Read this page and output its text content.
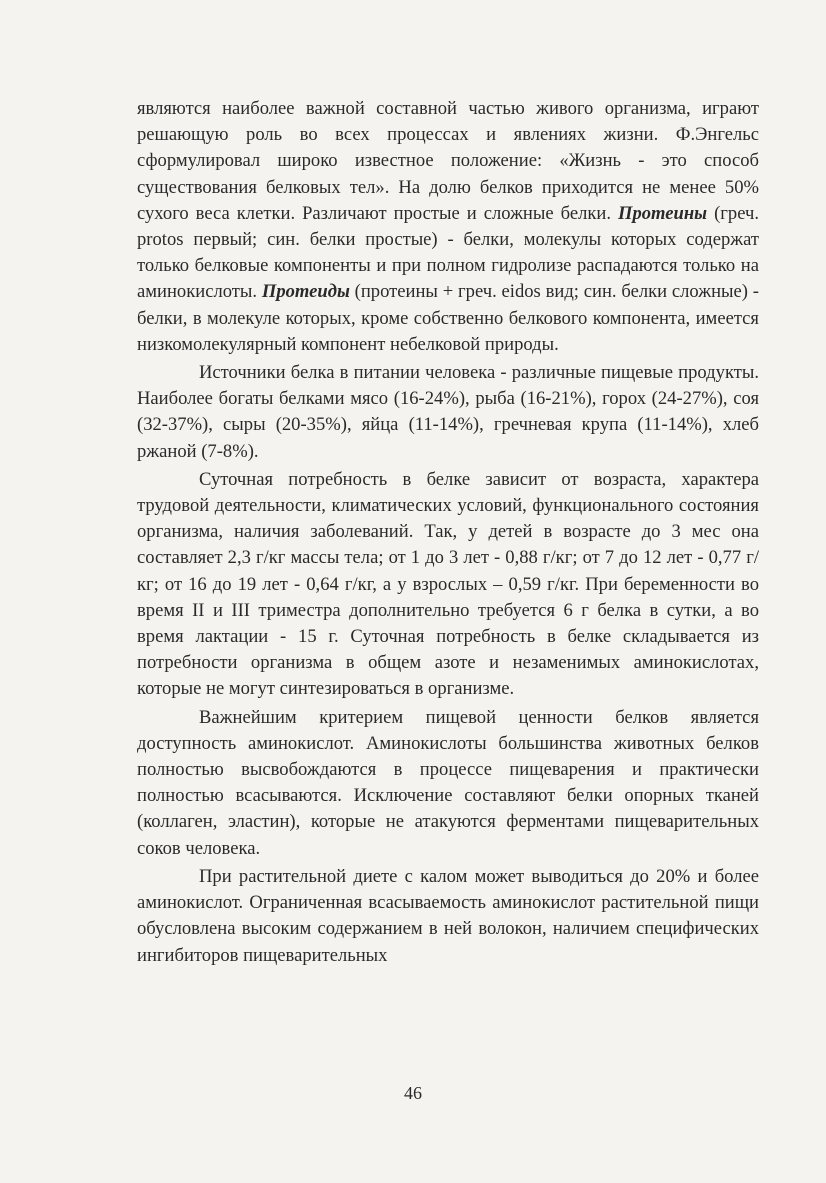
являются наиболее важной составной частью живого организма, играют решающую роль во всех процессах и явлениях жизни. Ф.Энгельс сформулировал широко известное положение: «Жизнь - это способ существования белковых тел». На долю белков приходится не менее 50% сухого веса клетки. Различают простые и сложные белки. Протеины (греч. protos первый; син. белки простые) - белки, молекулы которых содержат только белковые компоненты и при полном гидролизе распадаются только на аминокислоты. Протеиды (протеины + греч. eidos вид; син. белки сложные) - белки, в молекуле которых, кроме собственно белкового компонента, имеется низкомолекулярный компонент небелковой природы.

Источники белка в питании человека - различные пищевые продукты. Наиболее богаты белками мясо (16-24%), рыба (16-21%), горох (24-27%), соя (32-37%), сыры (20-35%), яйца (11-14%), гречневая крупа (11-14%), хлеб ржаной (7-8%).

Суточная потребность в белке зависит от возраста, характера трудовой деятельности, климатических условий, функционального состояния организма, наличия заболеваний. Так, у детей в возрасте до 3 мес она составляет 2,3 г/кг массы тела; от 1 до 3 лет - 0,88 г/кг; от 7 до 12 лет - 0,77 г/кг; от 16 до 19 лет - 0,64 г/кг, а у взрослых – 0,59 г/кг. При беременности во время II и III триместра дополнительно требуется 6 г белка в сутки, а во время лактации - 15 г. Суточная потребность в белке складывается из потребности организма в общем азоте и незаменимых аминокислотах, которые не могут синтезироваться в организме.

Важнейшим критерием пищевой ценности белков является доступность аминокислот. Аминокислоты большинства животных белков полностью высвобождаются в процессе пищеварения и практически полностью всасываются. Исключение составляют белки опорных тканей (коллаген, эластин), которые не атакуются ферментами пищеварительных соков человека.

При растительной диете с калом может выводиться до 20% и более аминокислот. Ограниченная всасываемость аминокислот растительной пищи обусловлена высоким содержанием в ней волокон, наличием специфических ингибиторов пищеварительных

46
